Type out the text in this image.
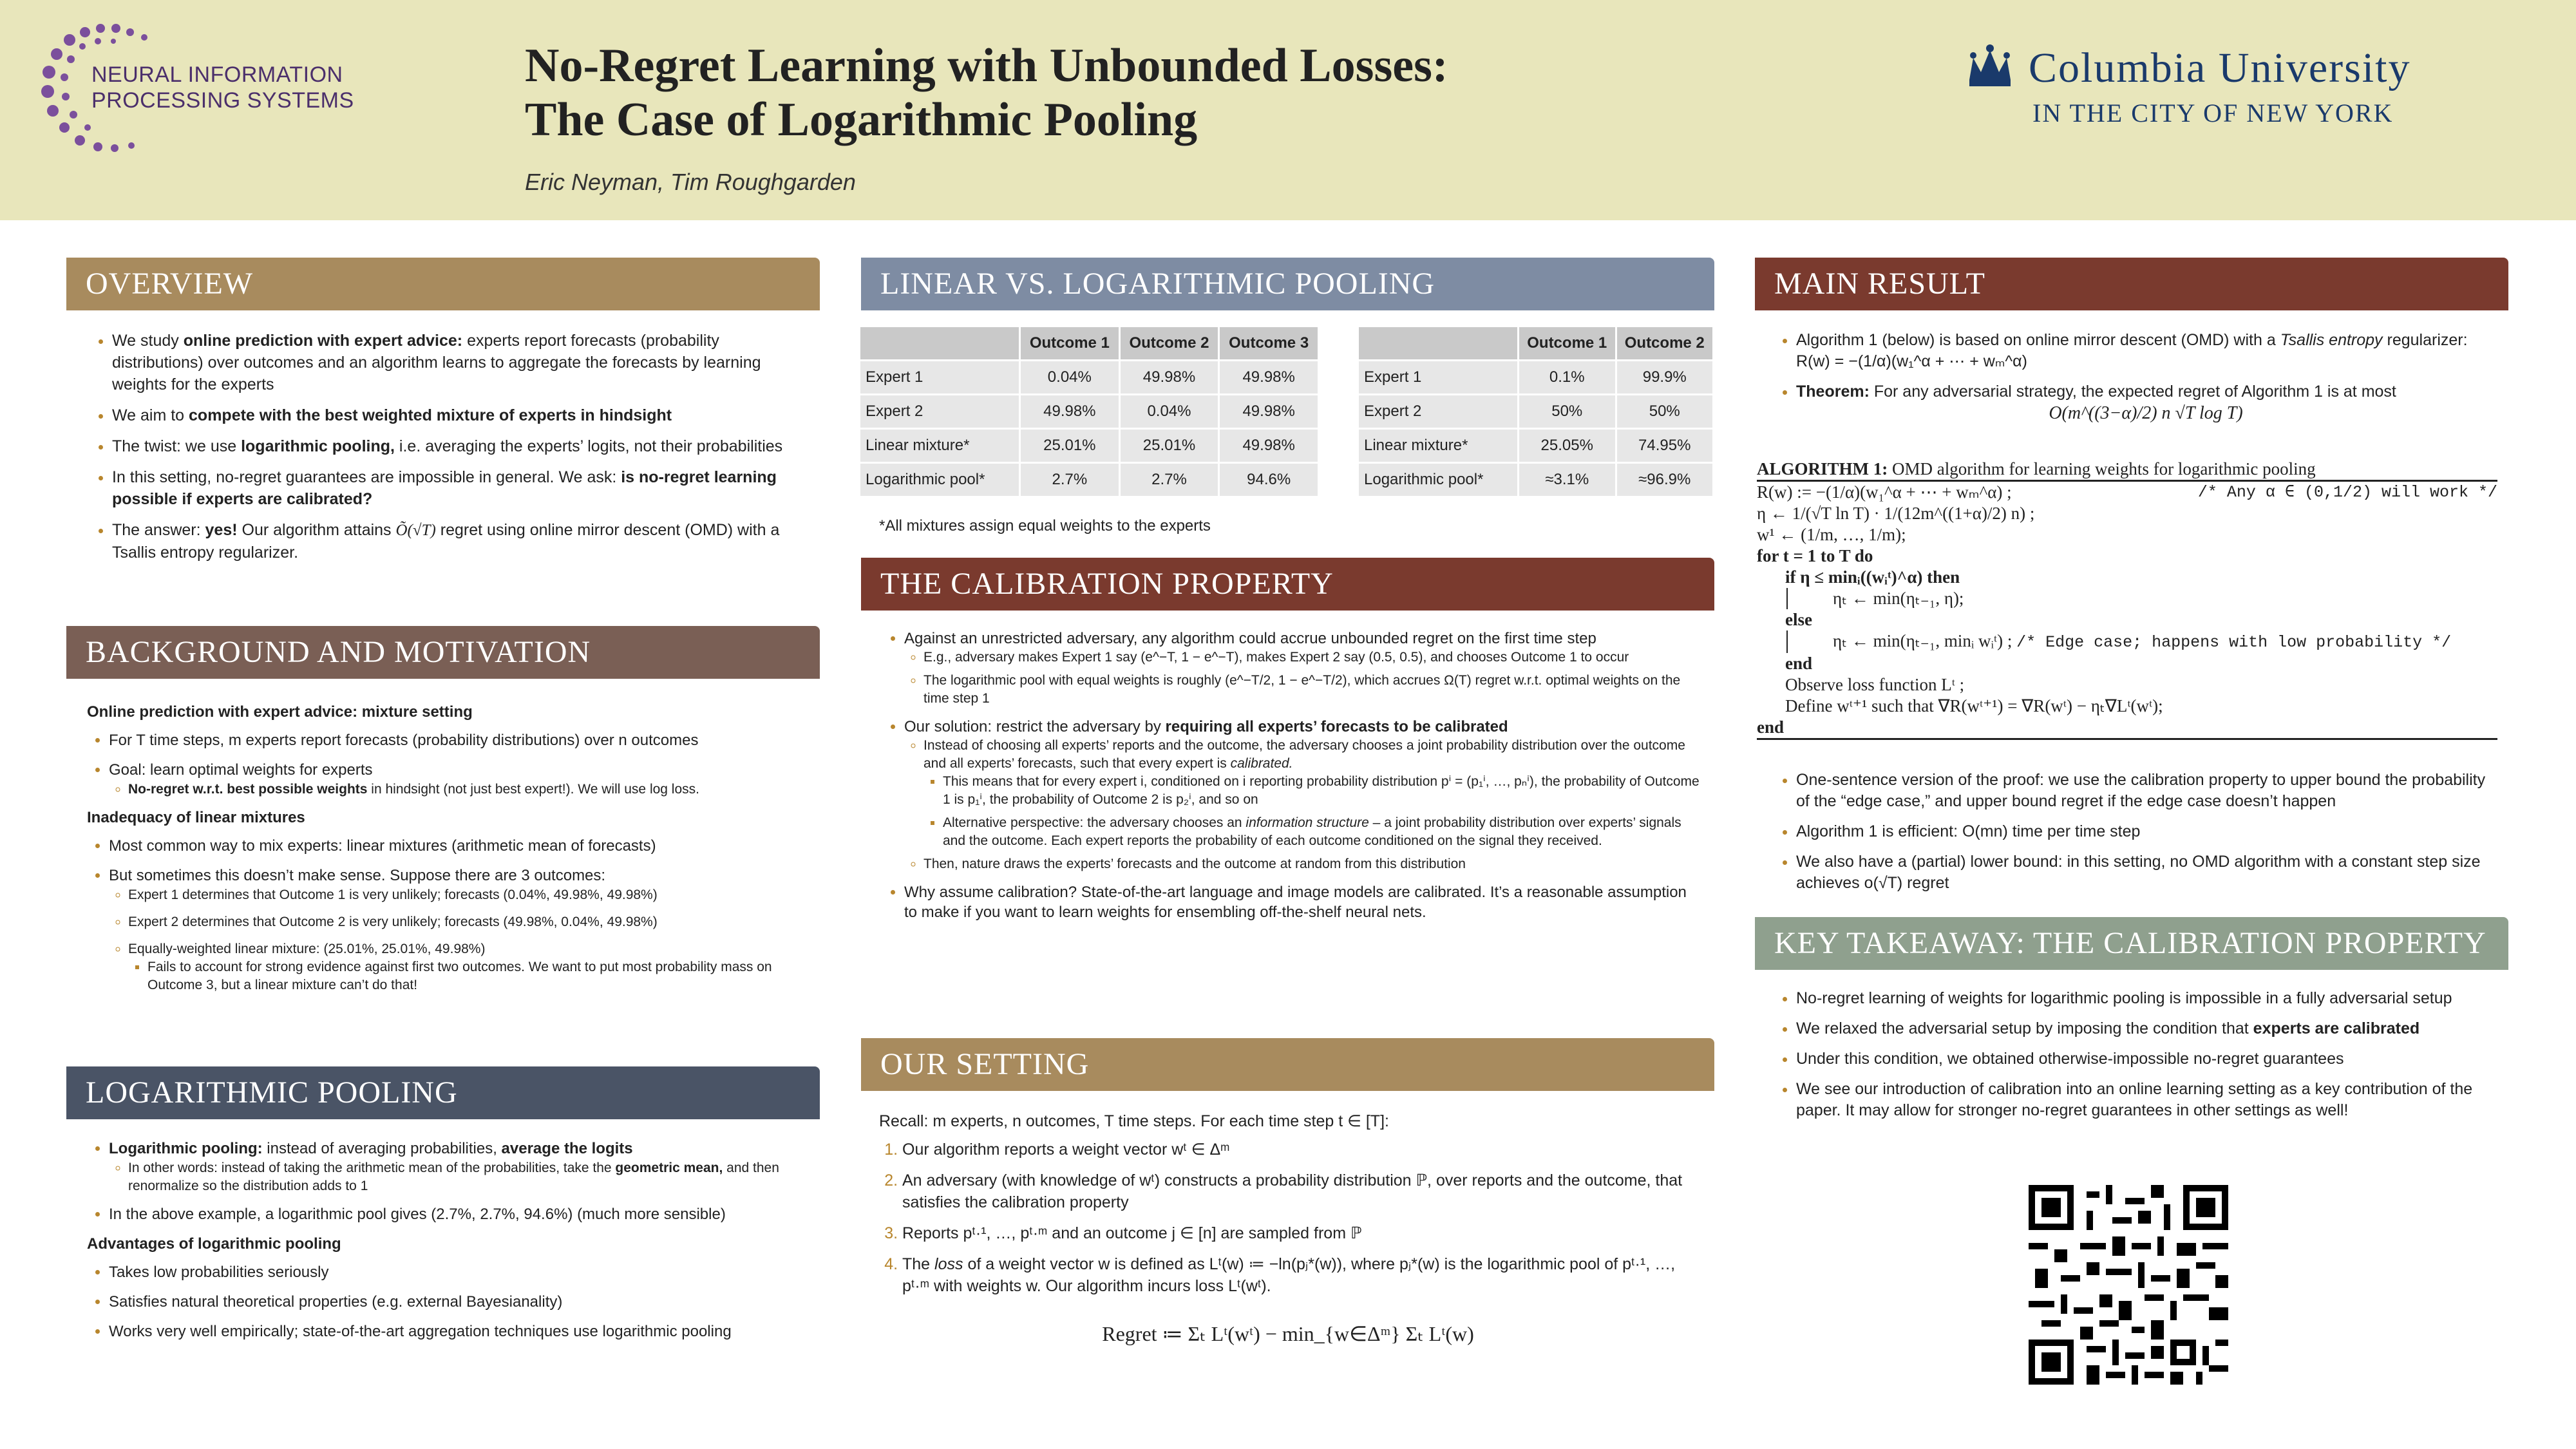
NEURAL INFORMATION
PROCESSING SYSTEMS
No-Regret Learning with Unbounded Losses:
The Case of Logarithmic Pooling
Eric Neyman, Tim Roughgarden
Columbia University
IN THE CITY OF NEW YORK
OVERVIEW
• We study online prediction with expert advice: experts report forecasts (probability distributions) over outcomes and an algorithm learns to aggregate the forecasts by learning weights for the experts
• We aim to compete with the best weighted mixture of experts in hindsight
• The twist: we use logarithmic pooling, i.e. averaging the experts’ logits, not their probabilities
• In this setting, no-regret guarantees are impossible in general. We ask: is no-regret learning possible if experts are calibrated?
• The answer: yes! Our algorithm attains Õ(√T) regret using online mirror descent (OMD) with a Tsallis entropy regularizer.
BACKGROUND AND MOTIVATION
Online prediction with expert advice: mixture setting
• For T time steps, m experts report forecasts (probability distributions) over n outcomes
• Goal: learn optimal weights for experts
◦ No-regret w.r.t. best possible weights in hindsight (not just best expert!). We will use log loss.
Inadequacy of linear mixtures
• Most common way to mix experts: linear mixtures (arithmetic mean of forecasts)
• But sometimes this doesn’t make sense. Suppose there are 3 outcomes:
◦ Expert 1 determines that Outcome 1 is very unlikely; forecasts (0.04%, 49.98%, 49.98%)
◦ Expert 2 determines that Outcome 2 is very unlikely; forecasts (49.98%, 0.04%, 49.98%)
◦ Equally-weighted linear mixture: (25.01%, 25.01%, 49.98%)
▪ Fails to account for strong evidence against first two outcomes. We want to put most probability mass on Outcome 3, but a linear mixture can’t do that!
LOGARITHMIC POOLING
• Logarithmic pooling: instead of averaging probabilities, average the logits
◦ In other words: instead of taking the arithmetic mean of the probabilities, take the geometric mean, and then renormalize so the distribution adds to 1
• In the above example, a logarithmic pool gives (2.7%, 2.7%, 94.6%) (much more sensible)
Advantages of logarithmic pooling
• Takes low probabilities seriously
• Satisfies natural theoretical properties (e.g. external Bayesianality)
• Works very well empirically; state-of-the-art aggregation techniques use logarithmic pooling
LINEAR VS. LOGARITHMIC POOLING
	Outcome 1	Outcome 2	Outcome 3
Expert 1	0.04%	49.98%	49.98%
Expert 2	49.98%	0.04%	49.98%
Linear mixture*	25.01%	25.01%	49.98%
Logarithmic pool*	2.7%	2.7%	94.6%
	Outcome 1	Outcome 2
Expert 1	0.1%	99.9%
Expert 2	50%	50%
Linear mixture*	25.05%	74.95%
Logarithmic pool*	≈3.1%	≈96.9%
*All mixtures assign equal weights to the experts
THE CALIBRATION PROPERTY
• Against an unrestricted adversary, any algorithm could accrue unbounded regret on the first time step
◦ E.g., adversary makes Expert 1 say (e^−T, 1 − e^−T), makes Expert 2 say (0.5, 0.5), and chooses Outcome 1 to occur
◦ The logarithmic pool with equal weights is roughly (e^−T/2, 1 − e^−T/2), which accrues Ω(T) regret w.r.t. optimal weights on the time step 1
• Our solution: restrict the adversary by requiring all experts’ forecasts to be calibrated
◦ Instead of choosing all experts’ reports and the outcome, the adversary chooses a joint probability distribution over the outcome and all experts’ forecasts, such that every expert is calibrated.
▪ This means that for every expert i, conditioned on i reporting probability distribution pⁱ = (p₁ⁱ, …, pₙⁱ), the probability of Outcome 1 is p₁ⁱ, the probability of Outcome 2 is p₂ⁱ, and so on
▪ Alternative perspective: the adversary chooses an information structure – a joint probability distribution over experts’ signals and the outcome. Each expert reports the probability of each outcome conditioned on the signal they received.
◦ Then, nature draws the experts’ forecasts and the outcome at random from this distribution
• Why assume calibration? State-of-the-art language and image models are calibrated. It’s a reasonable assumption to make if you want to learn weights for ensembling off-the-shelf neural nets.
OUR SETTING
Recall: m experts, n outcomes, T time steps. For each time step t ∈ [T]:
1. Our algorithm reports a weight vector wᵗ ∈ Δᵐ
2. An adversary (with knowledge of wᵗ) constructs a probability distribution ℙ, over reports and the outcome, that satisfies the calibration property
3. Reports pᵗ·¹, …, pᵗ·ᵐ and an outcome j ∈ [n] are sampled from ℙ
4. The loss of a weight vector w is defined as Lᵗ(w) ≔ −ln(pⱼ*(w)), where pⱼ*(w) is the logarithmic pool of pᵗ·¹, …, pᵗ·ᵐ with weights w. Our algorithm incurs loss Lᵗ(wᵗ).
Regret ≔ Σₜ Lᵗ(wᵗ) − min_{w∈Δᵐ} Σₜ Lᵗ(w)
MAIN RESULT
• Algorithm 1 (below) is based on online mirror descent (OMD) with a Tsallis entropy regularizer: R(w) = −(1/α)(w₁^α + ⋯ + wₘ^α)
• Theorem: For any adversarial strategy, the expected regret of Algorithm 1 is at most
O(m^((3−α)/2) n √T log T)
ALGORITHM 1: OMD algorithm for learning weights for logarithmic pooling
R(w) := −(1/α)(w₁^α + ⋯ + wₘ^α) ;	/* Any α ∈ (0,1/2) will work */
η ← 1/(√T ln T) · 1/(12m^((1+α)/2) n) ;
w¹ ← (1/m, …, 1/m);
for t = 1 to T do
if η ≤ minᵢ((wᵢᵗ)^α) then
ηₜ ← min(ηₜ₋₁, η);
else
ηₜ ← min(ηₜ₋₁, minᵢ wᵢᵗ) ; /* Edge case; happens with low probability */
end
Observe loss function Lᵗ ;
Define wᵗ⁺¹ such that ∇R(wᵗ⁺¹) = ∇R(wᵗ) − ηₜ∇Lᵗ(wᵗ);
end
• One-sentence version of the proof: we use the calibration property to upper bound the probability of the “edge case,” and upper bound regret if the edge case doesn’t happen
• Algorithm 1 is efficient: O(mn) time per time step
• We also have a (partial) lower bound: in this setting, no OMD algorithm with a constant step size achieves o(√T) regret
KEY TAKEAWAY: THE CALIBRATION PROPERTY
• No-regret learning of weights for logarithmic pooling is impossible in a fully adversarial setup
• We relaxed the adversarial setup by imposing the condition that experts are calibrated
• Under this condition, we obtained otherwise-impossible no-regret guarantees
• We see our introduction of calibration into an online learning setting as a key contribution of the paper. It may allow for stronger no-regret guarantees in other settings as well!
